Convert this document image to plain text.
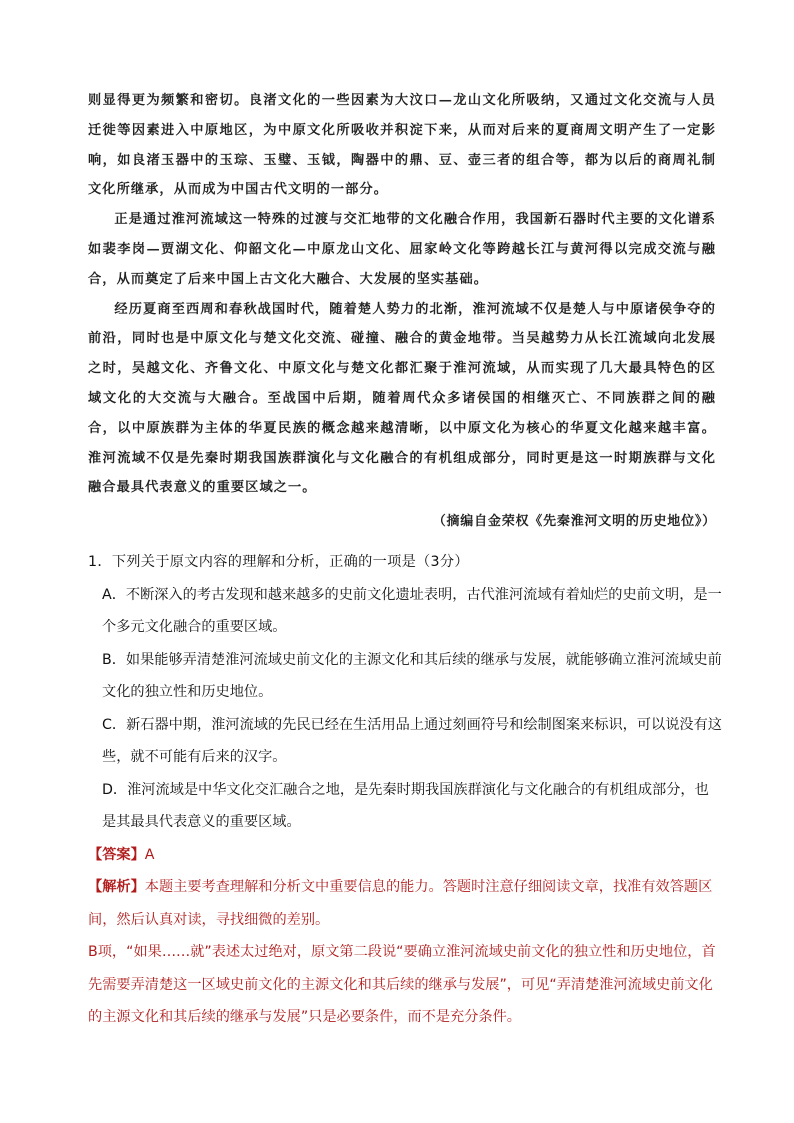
则显得更为频繁和密切。良渚文化的一些因素为大汶口—龙山文化所吸纳，又通过文化交流与人员迁徙等因素进入中原地区，为中原文化所吸收并积淀下来，从而对后来的夏商周文明产生了一定影响，如良渚玉器中的玉琮、玉璧、玉钺，陶器中的鼎、豆、壶三者的组合等，都为以后的商周礼制文化所继承，从而成为中国古代文明的一部分。

正是通过淮河流域这一特殊的过渡与交汇地带的文化融合作用，我国新石器时代主要的文化谱系如裴李岗—贾湖文化、仰韶文化—中原龙山文化、屈家岭文化等跨越长江与黄河得以完成交流与融合，从而奠定了后来中国上古文化大融合、大发展的坚实基础。

经历夏商至西周和春秋战国时代，随着楚人势力的北渐，淮河流域不仅是楚人与中原诸侯争夺的前沿，同时也是中原文化与楚文化交流、碰撞、融合的黄金地带。当吴越势力从长江流域向北发展之时，吴越文化、齐鲁文化、中原文化与楚文化都汇聚于淮河流域，从而实现了几大最具特色的区域文化的大交流与大融合。至战国中后期，随着周代众多诸侯国的相继灭亡、不同族群之间的融合，以中原族群为主体的华夏民族的概念越来越清晰，以中原文化为核心的华夏文化越来越丰富。淮河流域不仅是先秦时期我国族群演化与文化融合的有机组成部分，同时更是这一时期族群与文化融合最具代表意义的重要区域之一。

（摘编自金荣权《先秦淮河文明的历史地位》）

1．下列关于原文内容的理解和分析，正确的一项是（3分）

A．不断深入的考古发现和越来越多的史前文化遗址表明，古代淮河流域有着灿烂的史前文明，是一个多元文化融合的重要区域。

B．如果能够弄清楚淮河流域史前文化的主源文化和其后续的继承与发展，就能够确立淮河流域史前文化的独立性和历史地位。

C．新石器中期，淮河流域的先民已经在生活用品上通过刻画符号和绘制图案来标识，可以说没有这些，就不可能有后来的汉字。

D．淮河流域是中华文化交汇融合之地，是先秦时期我国族群演化与文化融合的有机组成部分，也是其最具代表意义的重要区域。

【答案】A

【解析】本题主要考查理解和分析文中重要信息的能力。答题时注意仔细阅读文章，找准有效答题区间，然后认真对读，寻找细微的差别。

B项，“如果……就”表述太过绝对，原文第二段说“要确立淮河流域史前文化的独立性和历史地位，首先需要弄清楚这一区域史前文化的主源文化和其后续的继承与发展”，可见“弄清楚淮河流域史前文化的主源文化和其后续的继承与发展”只是必要条件，而不是充分条件。
